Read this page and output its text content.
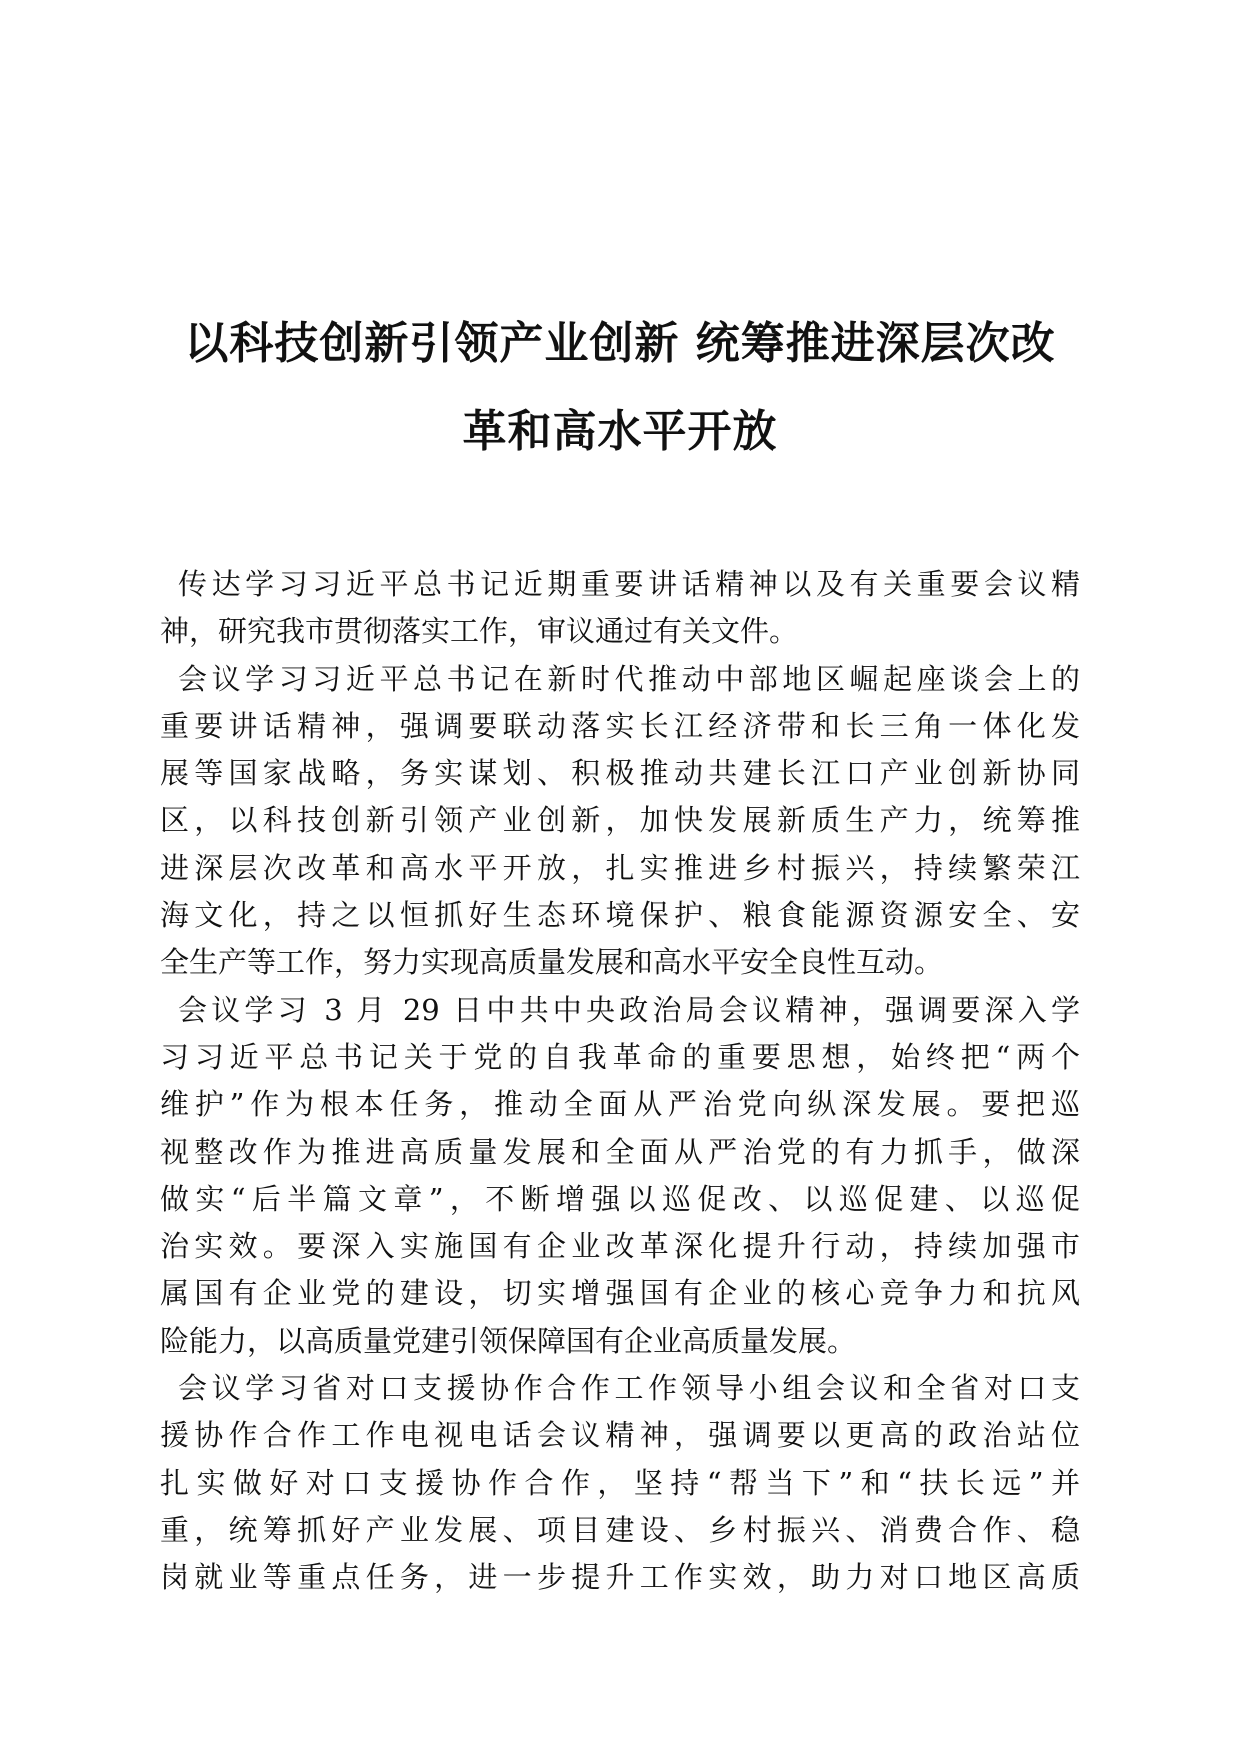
以科技创新引领产业创新 统筹推进深层次改
革和高水平开放

传达学习习近平总书记近期重要讲话精神以及有关重要会议精
神，研究我市贯彻落实工作，审议通过有关文件。

会议学习习近平总书记在新时代推动中部地区崛起座谈会上的
重要讲话精神，强调要联动落实长江经济带和长三角一体化发
展等国家战略，务实谋划、积极推动共建长江口产业创新协同
区，以科技创新引领产业创新，加快发展新质生产力，统筹推
进深层次改革和高水平开放，扎实推进乡村振兴，持续繁荣江
海文化，持之以恒抓好生态环境保护、粮食能源资源安全、安
全生产等工作，努力实现高质量发展和高水平安全良性互动。

会议学习 3 月 29 日中共中央政治局会议精神，强调要深入学
习习近平总书记关于党的自我革命的重要思想，始终把“两个
维护”作为根本任务，推动全面从严治党向纵深发展。要把巡
视整改作为推进高质量发展和全面从严治党的有力抓手，做深
做实“后半篇文章”，不断增强以巡促改、以巡促建、以巡促
治实效。要深入实施国有企业改革深化提升行动，持续加强市
属国有企业党的建设，切实增强国有企业的核心竞争力和抗风
险能力，以高质量党建引领保障国有企业高质量发展。

会议学习省对口支援协作合作工作领导小组会议和全省对口支
援协作合作工作电视电话会议精神，强调要以更高的政治站位
扎实做好对口支援协作合作，坚持“帮当下”和“扶长远”并
重，统筹抓好产业发展、项目建设、乡村振兴、消费合作、稳
岗就业等重点任务，进一步提升工作实效，助力对口地区高质
